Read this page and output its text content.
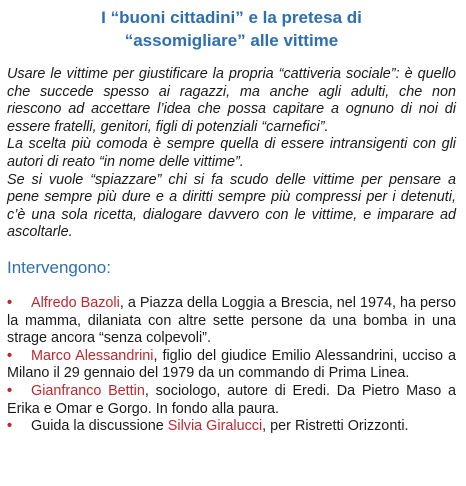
I “buoni cittadini” e la pretesa di
“assomigliare” alle vittime

Usare le vittime per giustificare la propria “cattiveria sociale”: è quello che succede spesso ai ragazzi, ma anche agli adulti, che non riescono ad accettare l’idea che possa capitare a ognuno di noi di essere fratelli, genitori, figli di potenziali “carnefici”.

La scelta più comoda è sempre quella di essere intransigenti con gli autori di reato “in nome delle vittime”.

Se si vuole “spiazzare” chi si fa scudo delle vittime per pensare a pene sempre più dure e a diritti sempre più compressi per i detenuti, c’è una sola ricetta, dialogare davvero con le vittime, e imparare ad ascoltarle.

Intervengono:

• Alfredo Bazoli, a Piazza della Loggia a Brescia, nel 1974, ha perso la mamma, dilaniata con altre sette persone da una bomba in una strage ancora “senza colpevoli”.

• Marco Alessandrini, figlio del giudice Emilio Alessandrini, ucciso a Milano il 29 gennaio del 1979 da un commando di Prima Linea.

• Gianfranco Bettin, sociologo, autore di Eredi. Da Pietro Maso a Erika e Omar e Gorgo. In fondo alla paura.

• Guida la discussione Silvia Giralucci, per Ristretti Orizzonti.
